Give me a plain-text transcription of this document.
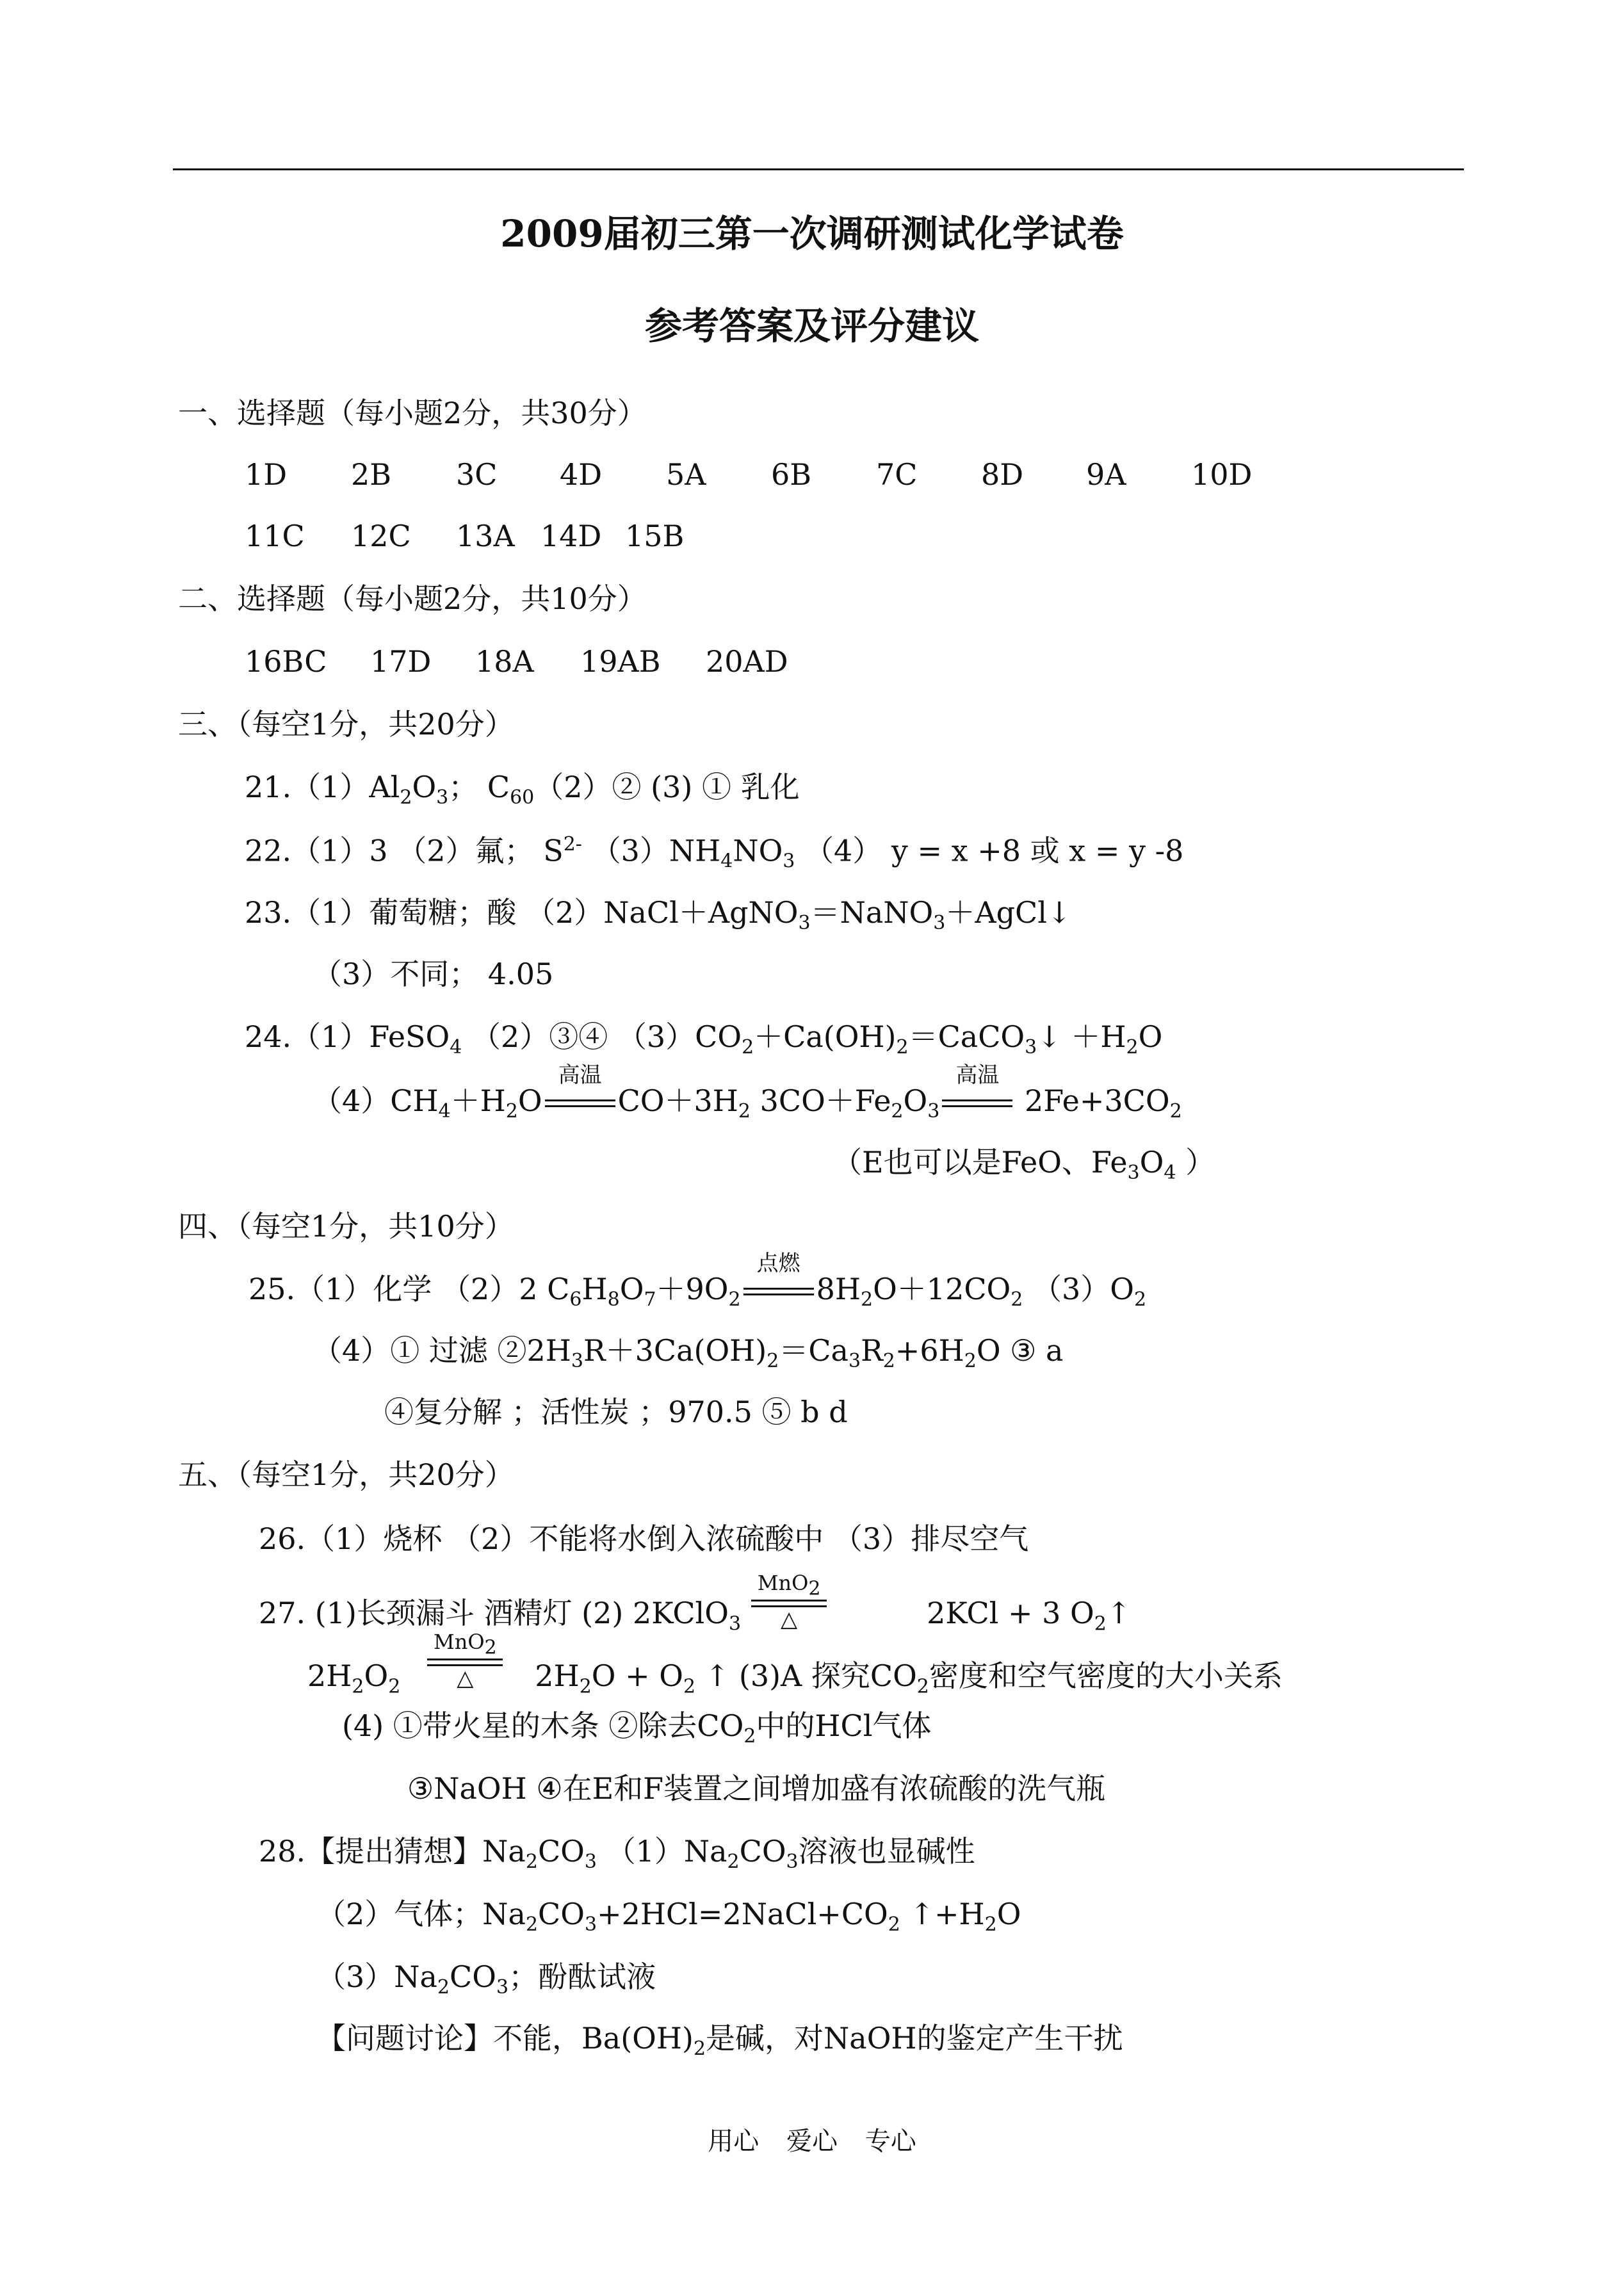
2009届初三第一次调研测试化学试卷
参考答案及评分建议
一、选择题（每小题2分，共30分）
1D 2B 3C 4D 5A 6B 7C 8D 9A 10D
11C 12C 13A 14D 15B
二、选择题（每小题2分，共10分）
16BC 17D 18A 19AB 20AD
三、（每空1分，共20分）
$21.(1)Al_2O_3$； $C_{60}(2)②$ (3) ① 乳化
22.（1）3 （2）氟； $S^{2-}$ $(3)NH_4NO_3$ （4） y = x +8 或 x = y -8
23.（1）葡萄糖；酸 （2）NaCl＋AgNO$_3$＝NaNO$_3$＋AgCl↓
（3）不同； 4.05
24.（1）FeSO$_4$ （2）③④ $(3)CO_2+Ca(OH)_2=CaCO_3↓ +H_2O$
$(4)CH_4+H_2O$
高温
$CO+3H_2$ $3CO+Fe_2O_3$
高温
$2Fe+3CO_2$
（E也可以是FeO、$Fe_3O_4$ ）
四、（每空1分，共10分）
25.（1）化学 （2）2 $C_6H_8O_7+9O_2$
点燃
$8H_2O+12CO_2$ $(3)O_2$
（4）① 过滤 $②2H_3R+3Ca(OH)_2=Ca_3R_2+6H_2O$ ③ a
④复分解 ；活性炭 ；970.5 ⑤ b d
五、（每空1分，共20分）
26.（1）烧杯 （2）不能将水倒入浓硫酸中 （3）排尽空气
27. (1)长颈漏斗 酒精灯 (2) 2KClO$_3$
MnO$_2$
△	2KCl + 3 $O_2↑$
$2H_2O_2$
MnO$_2$
△	$2H_2O + O_2$ ↑ (3)A 探究$CO_2$密度和空气密度的大小关系
(4) ①带火星的木条 ②除去$CO_2$中的HCl气体
③NaOH ④在E和F装置之间增加盛有浓硫酸的洗气瓶
28.【提出猜想】$Na_2CO_3$ $(1)Na_2CO_3$溶液也显碱性
（2）气体；$Na_2CO_3+2HCl=2NaCl+CO_2$ $↑+H_2O$
$(3)Na_2CO_3$；酚酞试液
【问题讨论】不能，$Ba(OH)_2$是碱，对NaOH的鉴定产生干扰
用心 爱心 专心
